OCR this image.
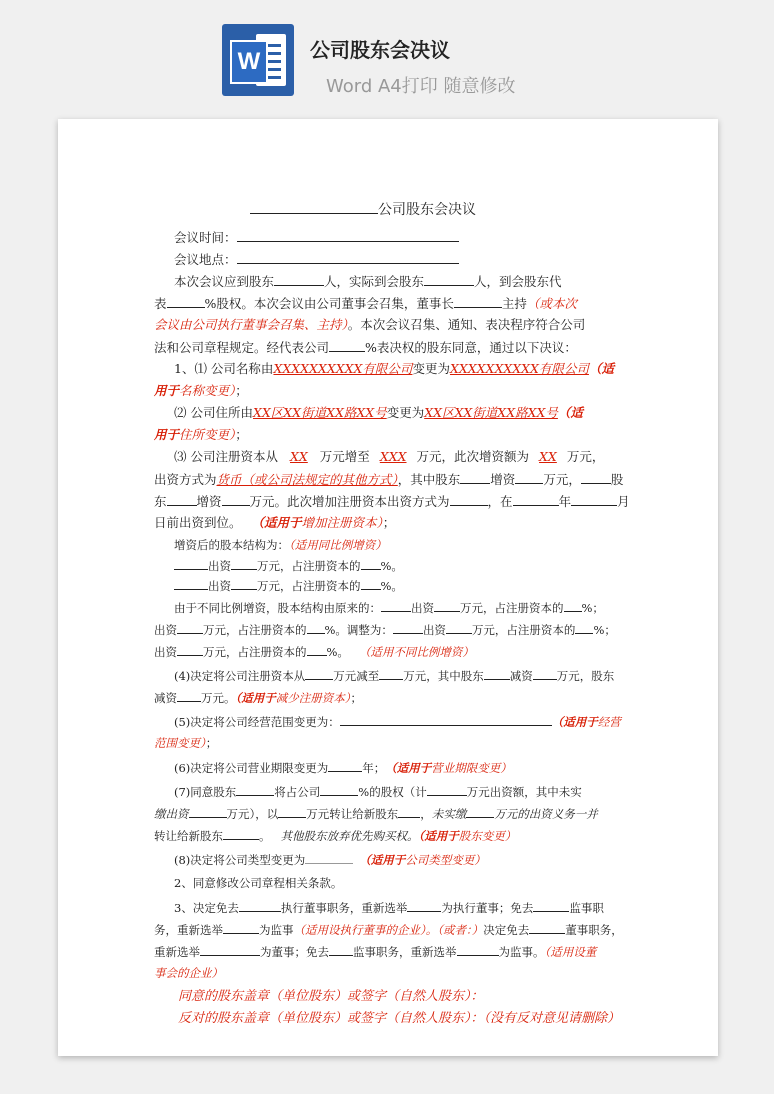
W	公司股东会决议
Word A4打印 随意修改
公司股东会决议
会议时间：
会议地点：
本次会议应到股东	人，实际到会股东	人，到会股东代
表	%股权。本次会议由公司董事会召集，董事长	主持（或本次
会议由公司执行董事会召集、主持）。本次会议召集、通知、表决程序符合公司
法和公司章程规定。经代表公司	%表决权的股东同意，通过以下决议：
1、⑴ 公司名称由XXXXXXXXXX有限公司变更为XXXXXXXXXX有限公司（适
用于名称变更）；
⑵ 公司住所由XX区XX街道XX路XX号变更为XX区XX街道XX路XX号（适
用于住所变更）；
⑶ 公司注册资本从 XX 万元增至 XXX 万元，此次增资额为 XX 万元，
出资方式为货币（或公司法规定的其他方式），其中股东 增资 万元， 股
东 增资 万元。此次增加注册资本出资方式为	，在	年	月
日前出资到位。 （适用于增加注册资本）；
增资后的股本结构为：（适用同比例增资）
出资 万元，占注册资本的 %。
出资 万元，占注册资本的 %。
由于不同比例增资，股本结构由原来的：	出资 万元，占注册资本的 %；
出资 万元，占注册资本的 %。调整为：	出资 万元，占注册资本的 %；
出资 万元，占注册资本的 %。 （适用不同比例增资）
(4)决定将公司注册资本从 万元减至 万元，其中股东 减资 万元，股东
减资 万元。（适用于减少注册资本）；
(5)决定将公司经营范围变更为：	（适用于经营
范围变更）；
(6)决定将公司营业期限变更为	年；（适用于营业期限变更）
(7)同意股东	将占公司	%的股权（计	万元出资额，其中未实
缴出资	万元），以 万元转让给新股东 ，未实缴 万元的出资义务一并
转让给新股东	。 其他股东放弃优先购买权。（适用于股东变更）
(8)决定将公司类型变更为	（适用于公司类型变更）
2、同意修改公司章程相关条款。
3、决定免去	执行董事职务，重新选举	为执行董事；免去	监事职
务，重新选举	为监事（适用设执行董事的企业）。（或者：）决定免去	董事职务，
重新选举	为董事；免去 监事职务，重新选举	为监事。（适用设董
事会的企业）
同意的股东盖章（单位股东）或签字（自然人股东）：
反对的股东盖章（单位股东）或签字（自然人股东）：（没有反对意见请删除）
